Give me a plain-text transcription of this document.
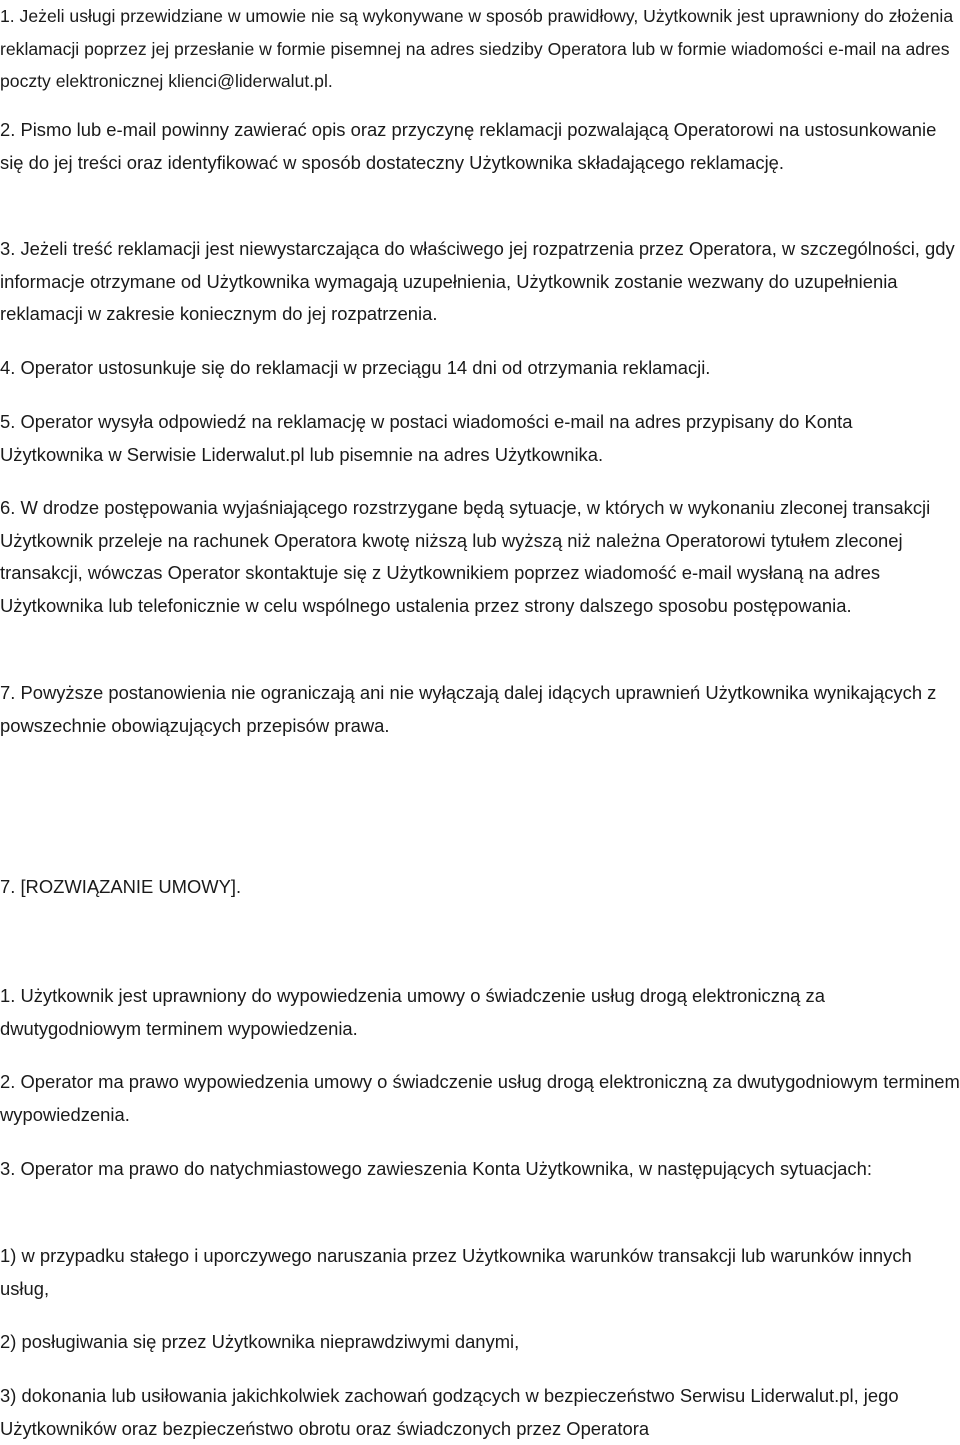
1. Jeżeli usługi przewidziane w umowie nie są wykonywane w sposób prawidłowy, Użytkownik jest uprawniony do złożenia reklamacji poprzez jej przesłanie w formie pisemnej na adres siedziby Operatora lub w formie wiadomości e-mail na adres poczty elektronicznej klienci@liderwalut.pl.

2. Pismo lub e-mail powinny zawierać opis oraz przyczynę reklamacji pozwalającą Operatorowi na ustosunkowanie się do jej treści oraz identyfikować w sposób dostateczny Użytkownika składającego reklamację.

3. Jeżeli treść reklamacji jest niewystarczająca do właściwego jej rozpatrzenia przez Operatora, w szczególności, gdy informacje otrzymane od Użytkownika wymagają uzupełnienia, Użytkownik zostanie wezwany do uzupełnienia reklamacji w zakresie koniecznym do jej rozpatrzenia.

4. Operator ustosunkuje się do reklamacji w przeciągu 14 dni od otrzymania reklamacji.

5. Operator wysyła odpowiedź na reklamację w postaci wiadomości e-mail na adres przypisany do Konta Użytkownika w Serwisie Liderwalut.pl lub pisemnie na adres Użytkownika.

6. W drodze postępowania wyjaśniającego rozstrzygane będą sytuacje, w których w wykonaniu zleconej transakcji Użytkownik przeleje na rachunek Operatora kwotę niższą lub wyższą niż należna Operatorowi tytułem zleconej transakcji, wówczas Operator skontaktuje się z Użytkownikiem poprzez wiadomość e-mail wysłaną na adres Użytkownika lub telefonicznie w celu wspólnego ustalenia przez strony dalszego sposobu postępowania.

7. Powyższe postanowienia nie ograniczają ani nie wyłączają dalej idących uprawnień Użytkownika wynikających z powszechnie obowiązujących przepisów prawa.

7. [ROZWIĄZANIE UMOWY].

1. Użytkownik jest uprawniony do wypowiedzenia umowy o świadczenie usług drogą elektroniczną za dwutygodniowym terminem wypowiedzenia.

2. Operator ma prawo wypowiedzenia umowy o świadczenie usług drogą elektroniczną za dwutygodniowym terminem wypowiedzenia.

3. Operator ma prawo do natychmiastowego zawieszenia Konta Użytkownika, w następujących sytuacjach:

1) w przypadku stałego i uporczywego naruszania przez Użytkownika warunków transakcji lub warunków innych usług,

2) posługiwania się przez Użytkownika nieprawdziwymi danymi,

3) dokonania lub usiłowania jakichkolwiek zachowań godzących w bezpieczeństwo Serwisu Liderwalut.pl, jego Użytkowników oraz bezpieczeństwo obrotu oraz świadczonych przez Operatora
